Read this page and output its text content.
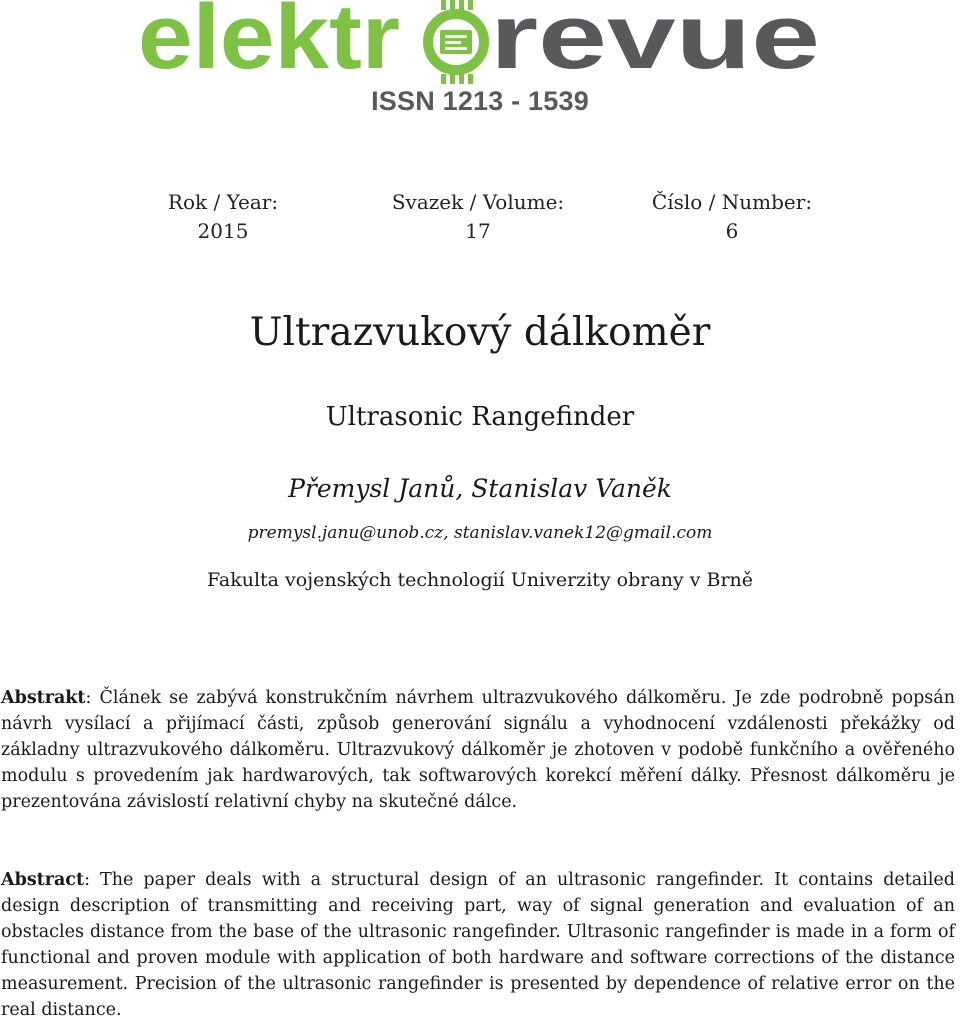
elektr revue
ISSN 1213 - 1539
Rok / Year:
2015
Svazek / Volume:
17
Číslo / Number:
6
Ultrazvukový dálkoměr
Ultrasonic Rangefinder
Přemysl Janů, Stanislav Vaněk
premysl.janu@unob.cz, stanislav.vanek12@gmail.com
Fakulta vojenských technologií Univerzity obrany v Brně
Abstrakt: Článek se zabývá konstrukčním návrhem ultrazvukového dálkoměru. Je zde podrobně popsán návrh vysílací a přijímací části, způsob generování signálu a vyhodnocení vzdálenosti překážky od základny ultrazvukového dálkoměru. Ultrazvukový dálkoměr je zhotoven v podobě funkčního a ověřeného modulu s provedením jak hardwarových, tak softwarových korekcí měření dálky. Přesnost dálkoměru je prezentována závislostí relativní chyby na skutečné dálce.
Abstract: The paper deals with a structural design of an ultrasonic rangefinder. It contains detailed design description of transmitting and receiving part, way of signal generation and evaluation of an obstacles distance from the base of the ultrasonic rangefinder. Ultrasonic rangefinder is made in a form of functional and proven module with application of both hardware and software corrections of the distance measurement. Precision of the ultrasonic rangefinder is presented by dependence of relative error on the real distance.
